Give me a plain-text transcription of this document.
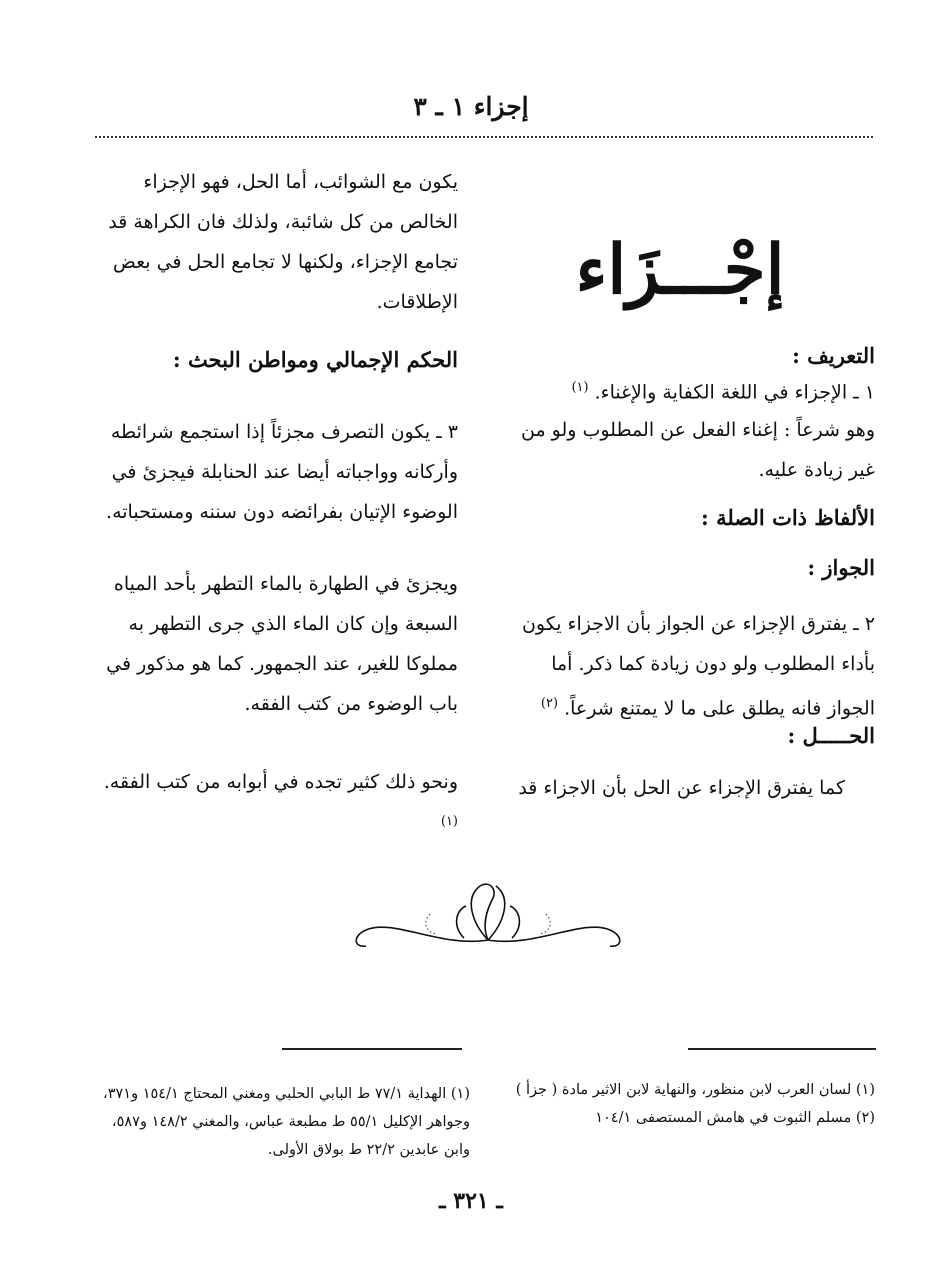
إجزاء ١ ـ ٣
إجْـــزَاء
التعريف :
١ ـ الإجزاء في اللغة الكفاية والإغناء. $^{(١)}$
وهو شرعاً : إغناء الفعل عن المطلوب ولو من غير زيادة عليه.
الألفاظ ذات الصلة :
الجواز :
٢ ـ يفترق الإجزاء عن الجواز بأن الاجزاء يكون بأداء المطلوب ولو دون زيادة كما ذكر. أما الجواز فانه يطلق على ما لا يمتنع شرعاً. $^{(٢)}$
الحـــــل :
كما يفترق الإجزاء عن الحل بأن الاجزاء قد
يكون مع الشوائب، أما الحل، فهو الإجزاء الخالص من كل شائبة، ولذلك فان الكراهة قد تجامع الإجزاء، ولكنها لا تجامع الحل في بعض الإطلاقات.
الحكم الإجمالي ومواطن البحث :
٣ ـ يكون التصرف مجزئاً إذا استجمع شرائطه وأركانه وواجباته أيضا عند الحنابلة فيجزئ في الوضوء الإتيان بفرائضه دون سننه ومستحباته.
ويجزئ في الطهارة بالماء التطهر بأحد المياه السبعة وإن كان الماء الذي جرى التطهر به مملوكا للغير، عند الجمهور. كما هو مذكور في باب الوضوء من كتب الفقه.
ونحو ذلك كثير تجده في أبوابه من كتب الفقه. $^{(١)}$
(١) لسان العرب لابن منظور، والنهاية لابن الاثير مادة ( جزأ )
(٢) مسلم الثبوت في هامش المستصفى ١٠٤/١
(١) الهداية ٧٧/١ ط البابي الحلبي ومغني المحتاج ١٥٤/١ و٣٧١، وجواهر الإكليل ٥٥/١ ط مطبعة عباس، والمغني ١٤٨/٢ و٥٨٧، وابن عابدين ٢٢/٢ ط بولاق الأولى.
ـ ٣٢١ ـ
